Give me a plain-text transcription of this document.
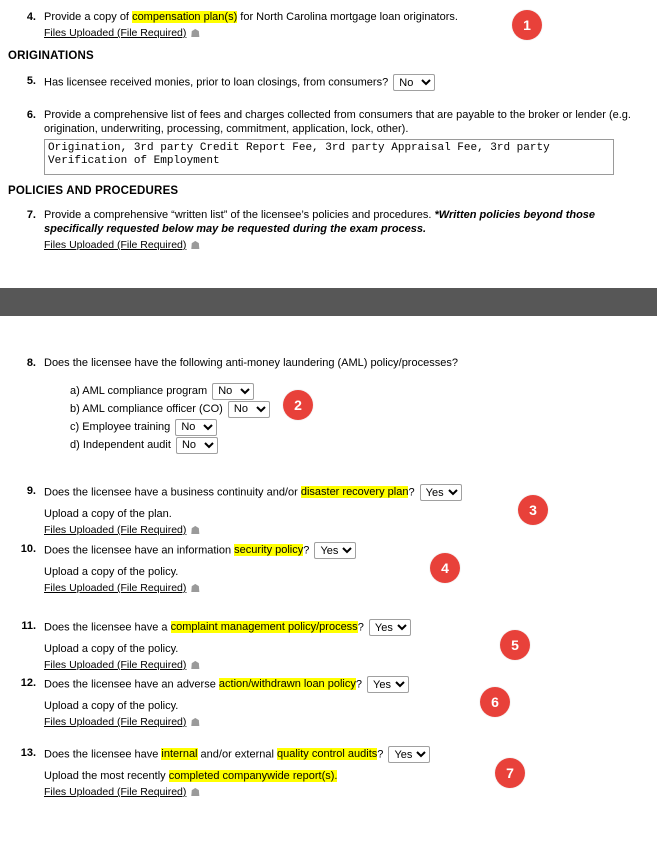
4. Provide a copy of compensation plan(s) for North Carolina mortgage loan originators.
Files Uploaded (File Required) ☗
ORIGINATIONS
5. Has licensee received monies, prior to loan closings, from consumers?
No
6. Provide a comprehensive list of fees and charges collected from consumers that are payable to the broker or lender (e.g. origination, underwriting, processing, commitment, application, lock, other). Origination, 3rd party Credit Report Fee, 3rd party Appraisal Fee, 3rd party Verification of Employment
POLICIES AND PROCEDURES
7. Provide a comprehensive “written list” of the licensee’s policies and procedures. *Written policies beyond those specifically requested below may be requested during the exam process.
Files Uploaded (File Required) ☗
8. Does the licensee have the following anti-money laundering (AML) policy/processes?
a) AML compliance program
No
b) AML compliance officer (CO)
No
c) Employee training
No
d) Independent audit
No
9. Does the licensee have a business continuity and/or disaster recovery plan?
Yes
Upload a copy of the plan.
Files Uploaded (File Required) ☗
10. Does the licensee have an information security policy?
Yes
Upload a copy of the policy.
Files Uploaded (File Required) ☗
11. Does the licensee have a complaint management policy/process?
Yes
Upload a copy of the policy.
Files Uploaded (File Required) ☗
12. Does the licensee have an adverse action/withdrawn loan policy?
Yes
Upload a copy of the policy.
Files Uploaded (File Required) ☗
13. Does the licensee have internal and/or external quality control audits?
Yes
Upload the most recently completed companywide report(s).
Files Uploaded (File Required) ☗
1
2
3
4
5
6
7
